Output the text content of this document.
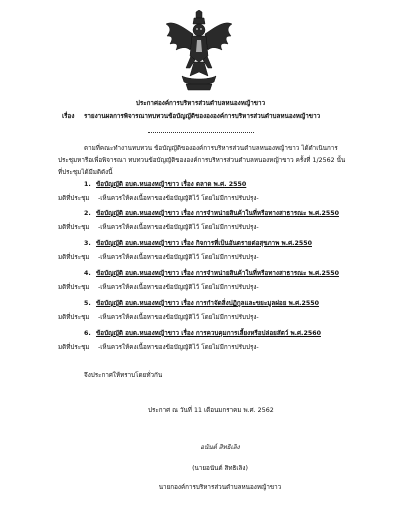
ประกาศองค์การบริหารส่วนตำบลหนองหญ้าขาว
เรื่อง รายงานผลการพิจารณาทบทวนข้อบัญญัติของององค์การบริหารส่วนตำบลหนองหญ้าขาว
ตามที่คณะทำงานทบทวน ข้อบัญญัติขององค์การบริหารส่วนตำบลหนองหญ้าขาว ได้ดำเนินการ
ประชุมหารือเพื่อพิจารณา ทบทวนข้อบัญญัติขององค์การบริหารส่วนตำบลหนองหญ้าขาว ครั้งที่ 1/2562 นั้น
ที่ประชุมได้มีมติดังนี้
1. ข้อบัญญัติ อบต.หนองหญ้าขาว เรื่อง ตลาด พ.ศ. 2550
มติที่ประชุม -เห็นควรให้คงเนื้อหาของข้อบัญญัติไว้ โดยไม่มีการปรับปรุง-
2. ข้อบัญญัติ อบต.หนองหญ้าขาว เรื่อง การจำหน่ายสินค้าในที่หรือทางสาธารณะ พ.ศ.2550
มติที่ประชุม -เห็นควรให้คงเนื้อหาของข้อบัญญัติไว้ โดยไม่มีการปรับปรุง-
3. ข้อบัญญัติ อบต.หนองหญ้าขาว เรื่อง กิจการที่เป็นอันตรายต่อสุขภาพ พ.ศ.2550
มติที่ประชุม -เห็นควรให้คงเนื้อหาของข้อบัญญัติไว้ โดยไม่มีการปรับปรุง-
4. ข้อบัญญัติ อบต.หนองหญ้าขาว เรื่อง การจำหน่ายสินค้าในที่หรือทางสาธารณะ พ.ศ.2550
มติที่ประชุม -เห็นควรให้คงเนื้อหาของข้อบัญญัติไว้ โดยไม่มีการปรับปรุง-
5. ข้อบัญญัติ อบต.หนองหญ้าขาว เรื่อง การกำจัดสิ่งปฏิกูลและขยะมูลฝอย พ.ศ.2550
มติที่ประชุม -เห็นควรให้คงเนื้อหาของข้อบัญญัติไว้ โดยไม่มีการปรับปรุง-
6. ข้อบัญญัติ อบต.หนองหญ้าขาว เรื่อง การควบคุมการเลี้ยงหรือปล่อยสัตว์ พ.ศ.2560
มติที่ประชุม -เห็นควรให้คงเนื้อหาของข้อบัญญัติไว้ โดยไม่มีการปรับปรุง-
จึงประกาศให้ทราบโดยทั่วกัน
ประกาศ ณ วันที่ 11 เดือนมกราคม พ.ศ. 2562
อนันต์ สิทธิเลิง
(นายอนันต์ สิทธิเลิง)
นายกองค์การบริหารส่วนตำบลหนองหญ้าขาว
